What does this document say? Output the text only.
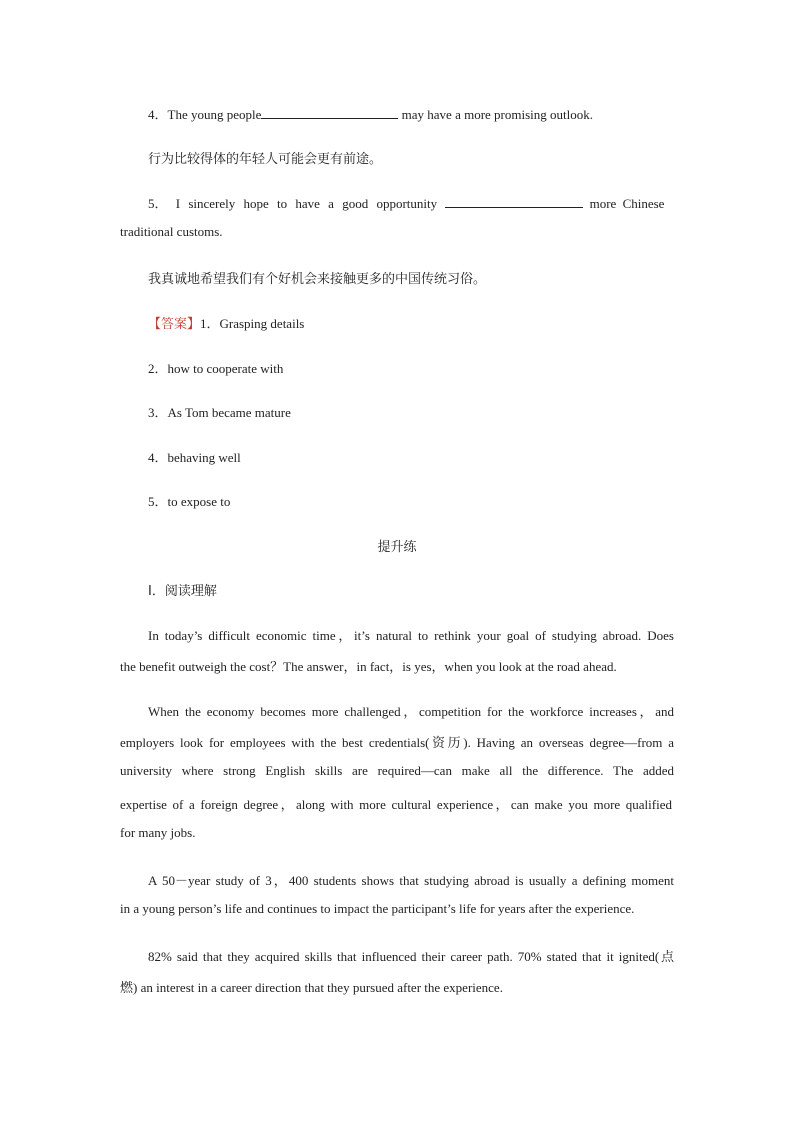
4．The young people	may have a more promising outlook.
行为比较得体的年轻人可能会更有前途。
5． I sincerely hope to have a good opportunity	more Chinese
traditional customs.
我真诚地希望我们有个好机会来接触更多的中国传统习俗。
【答案】1．Grasping details
2．how to cooperate with
3．As Tom became mature
4．behaving well
5．to expose to
提升练
Ⅰ．阅读理解
In today’s difficult economic time，it’s natural to rethink your goal of studying abroad. Does
the benefit outweigh the cost？The answer，in fact，is yes，when you look at the road ahead.
When the economy becomes more challenged，competition for the workforce increases，and
employers look for employees with the best credentials(资历). Having an overseas degree—from a
university where strong English skills are required—can make all the difference. The added
expertise of a foreign degree，along with more cultural experience，can make you more qualified
for many jobs.
A 50－year study of 3，400 students shows that studying abroad is usually a defining moment
in a young person’s life and continues to impact the participant’s life for years after the experience.
82% said that they acquired skills that influenced their career path. 70% stated that it ignited(点
燃) an interest in a career direction that they pursued after the experience.
